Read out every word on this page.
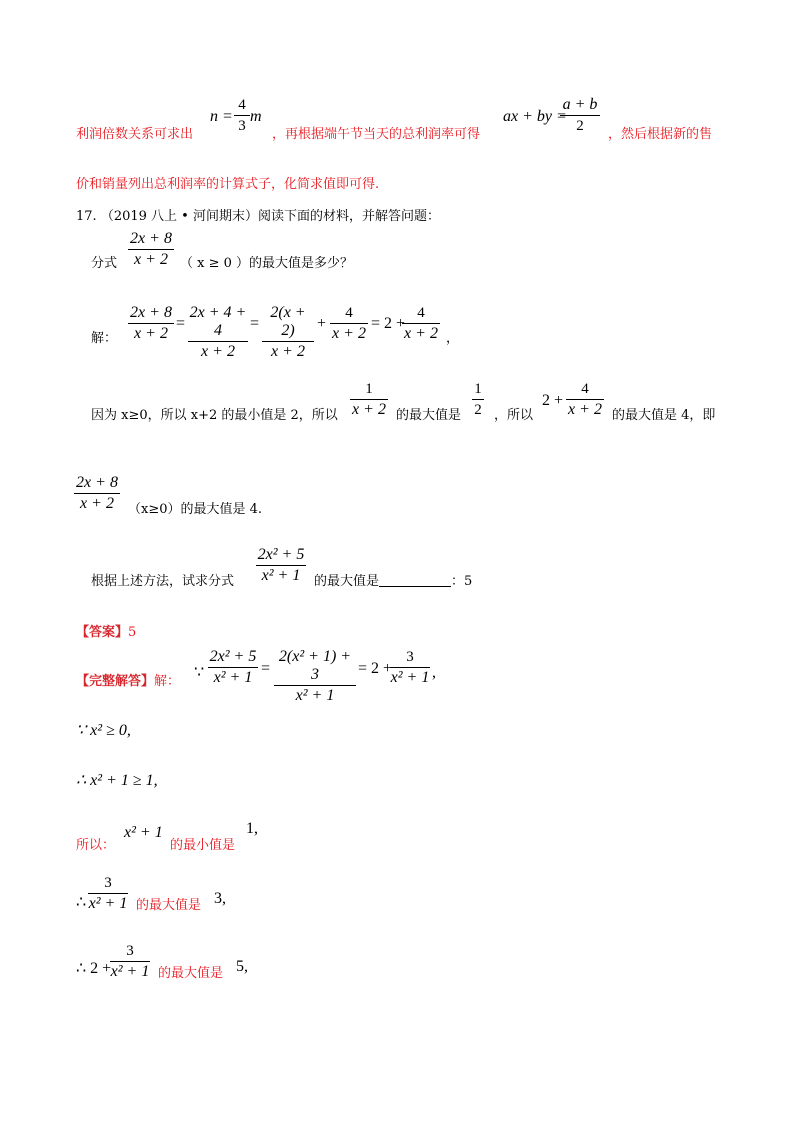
利润倍数关系可求出
n =
4
3
m
，再根据端午节当天的总利润率可得
ax + by =
a + b
2
，然后根据新的售
价和销量列出总利润率的计算式子，化简求值即可得.
17. （2019 八上 • 河间期末）阅读下面的材料，并解答问题：
分式
2x + 8
x + 2 （ x ≥ 0 ）的最大值是多少？
解：
2x + 8
x + 2
=
2x + 4 + 4
x + 2
=
2(x + 2)
x + 2
+
4
x + 2
= 2 +
4
x + 2 ，
因为 x≥0，所以 x+2 的最小值是 2，所以
1
x + 2 的最大值是
1
2 ，所以
2 +
4
x + 2 的最大值是 4，即
2x + 8
x + 2	（x≥0）的最大值是 4.
根据上述方法，试求分式
2x² + 5
x² + 1	的最大值是	：5
【答案】5
【完整解答】解：
∵
2x² + 5
x² + 1
=
2(x² + 1) + 3
x² + 1
= 2 +
3
x² + 1 ,
∵ x² ≥ 0,
∴ x² + 1 ≥ 1,
所以：
x² + 1
的最小值是
1,
∴
3
x² + 1 的最大值是 3,
∴ 2 +
3
x² + 1 的最大值是 5,
